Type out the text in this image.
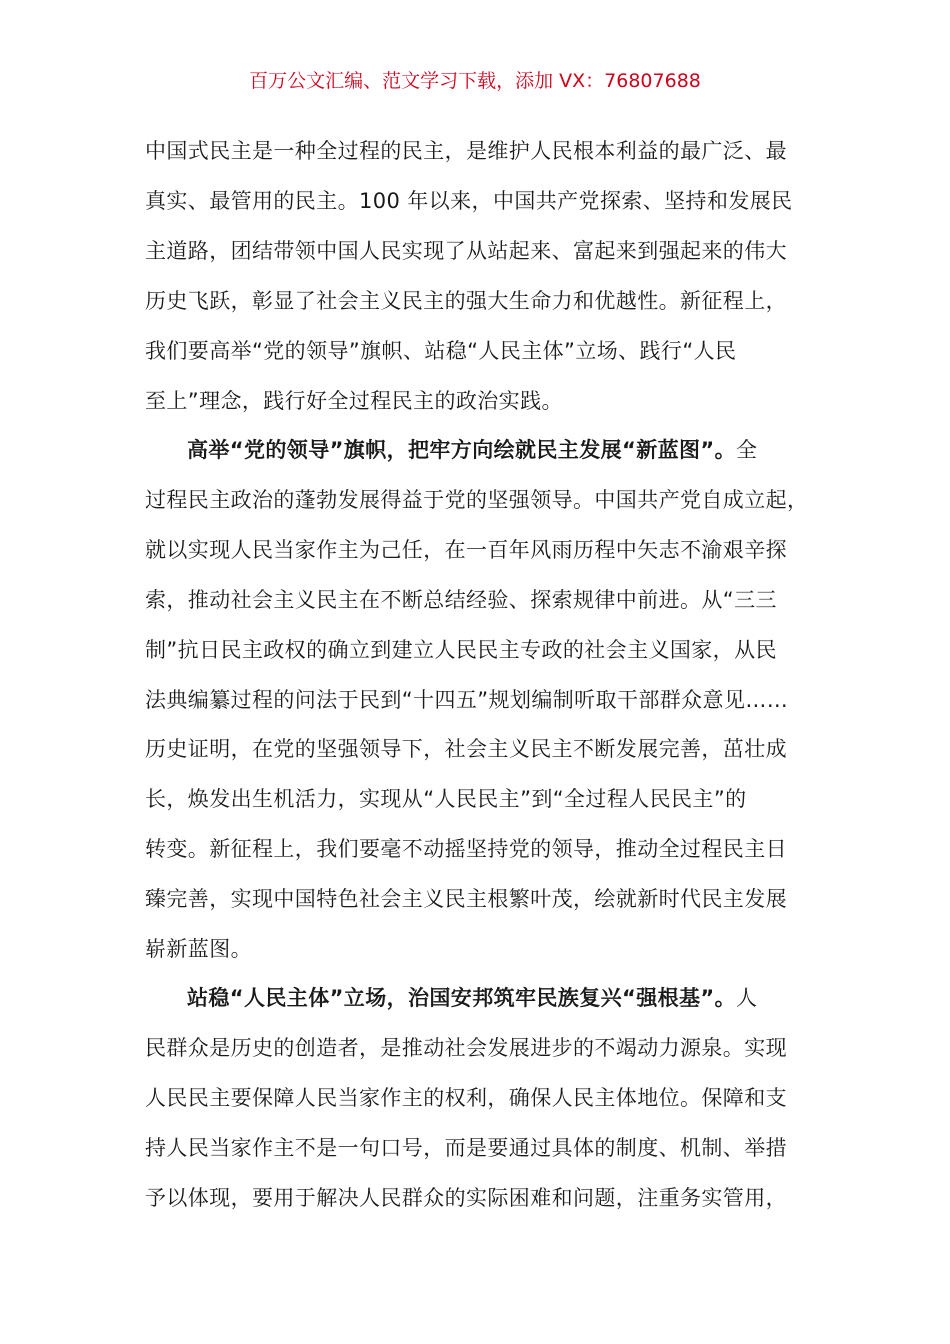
百万公文汇编、范文学习下载，添加 VX：76807688
中国式民主是一种全过程的民主，是维护人民根本利益的最广泛、最
真实、最管用的民主。100 年以来，中国共产党探索、坚持和发展民
主道路，团结带领中国人民实现了从站起来、富起来到强起来的伟大
历史飞跃，彰显了社会主义民主的强大生命力和优越性。新征程上，
我们要高举“党的领导”旗帜、站稳“人民主体”立场、践行“人民
至上”理念，践行好全过程民主的政治实践。
高举“党的领导”旗帜，把牢方向绘就民主发展“新蓝图”。全
过程民主政治的蓬勃发展得益于党的坚强领导。中国共产党自成立起，
就以实现人民当家作主为己任，在一百年风雨历程中矢志不渝艰辛探
索，推动社会主义民主在不断总结经验、探索规律中前进。从“三三
制”抗日民主政权的确立到建立人民民主专政的社会主义国家，从民
法典编纂过程的问法于民到“十四五”规划编制听取干部群众意见……
历史证明，在党的坚强领导下，社会主义民主不断发展完善，茁壮成
长，焕发出生机活力，实现从“人民民主”到“全过程人民民主”的
转变。新征程上，我们要毫不动摇坚持党的领导，推动全过程民主日
臻完善，实现中国特色社会主义民主根繁叶茂，绘就新时代民主发展
崭新蓝图。
站稳“人民主体”立场，治国安邦筑牢民族复兴“强根基”。人
民群众是历史的创造者，是推动社会发展进步的不竭动力源泉。实现
人民民主要保障人民当家作主的权利，确保人民主体地位。保障和支
持人民当家作主不是一句口号，而是要通过具体的制度、机制、举措
予以体现，要用于解决人民群众的实际困难和问题，注重务实管用，
